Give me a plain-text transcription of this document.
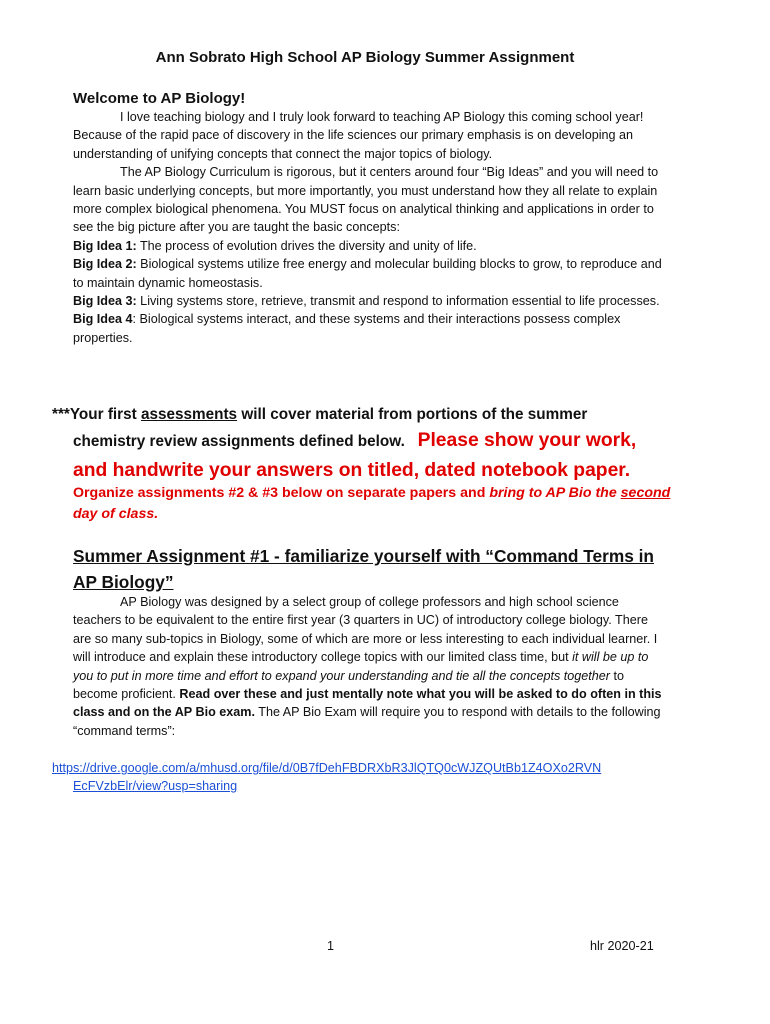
Ann Sobrato High School AP Biology Summer Assignment
Welcome to AP Biology!

I love teaching biology and I truly look forward to teaching AP Biology this coming school year! Because of the rapid pace of discovery in the life sciences our primary emphasis is on developing an understanding of unifying concepts that connect the major topics of biology.

The AP Biology Curriculum is rigorous, but it centers around four “Big Ideas” and you will need to learn basic underlying concepts, but more importantly, you must understand how they all relate to explain more complex biological phenomena. You MUST focus on analytical thinking and applications in order to see the big picture after you are taught the basic concepts:

Big Idea 1: The process of evolution drives the diversity and unity of life.

Big Idea 2: Biological systems utilize free energy and molecular building blocks to grow, to reproduce and to maintain dynamic homeostasis.

Big Idea 3: Living systems store, retrieve, transmit and respond to information essential to life processes.

Big Idea 4: Biological systems interact, and these systems and their interactions possess complex properties.

***Your first assessments will cover material from portions of the summer
chemistry review assignments defined below. Please show your work,
and handwrite your answers on titled, dated notebook paper.
Organize assignments #2 & #3 below on separate papers and bring to AP Bio the second day of class.
Summer Assignment #1 - familiarize yourself with “Command Terms in AP Biology”

AP Biology was designed by a select group of college professors and high school science teachers to be equivalent to the entire first year (3 quarters in UC) of introductory college biology. There are so many sub-topics in Biology, some of which are more or less interesting to each individual learner. I will introduce and explain these introductory college topics with our limited class time, but it will be up to you to put in more time and effort to expand your understanding and tie all the concepts together to become proficient. Read over these and just mentally note what you will be asked to do often in this class and on the AP Bio exam. The AP Bio Exam will require you to respond with details to the following “command terms”:

https://drive.google.com/a/mhusd.org/file/d/0B7fDehFBDRXbR3JlQTQ0cWJZQUtBb1Z4OXo2RVN
EcFVzbElr/view?usp=sharing
1	hlr 2020-21
